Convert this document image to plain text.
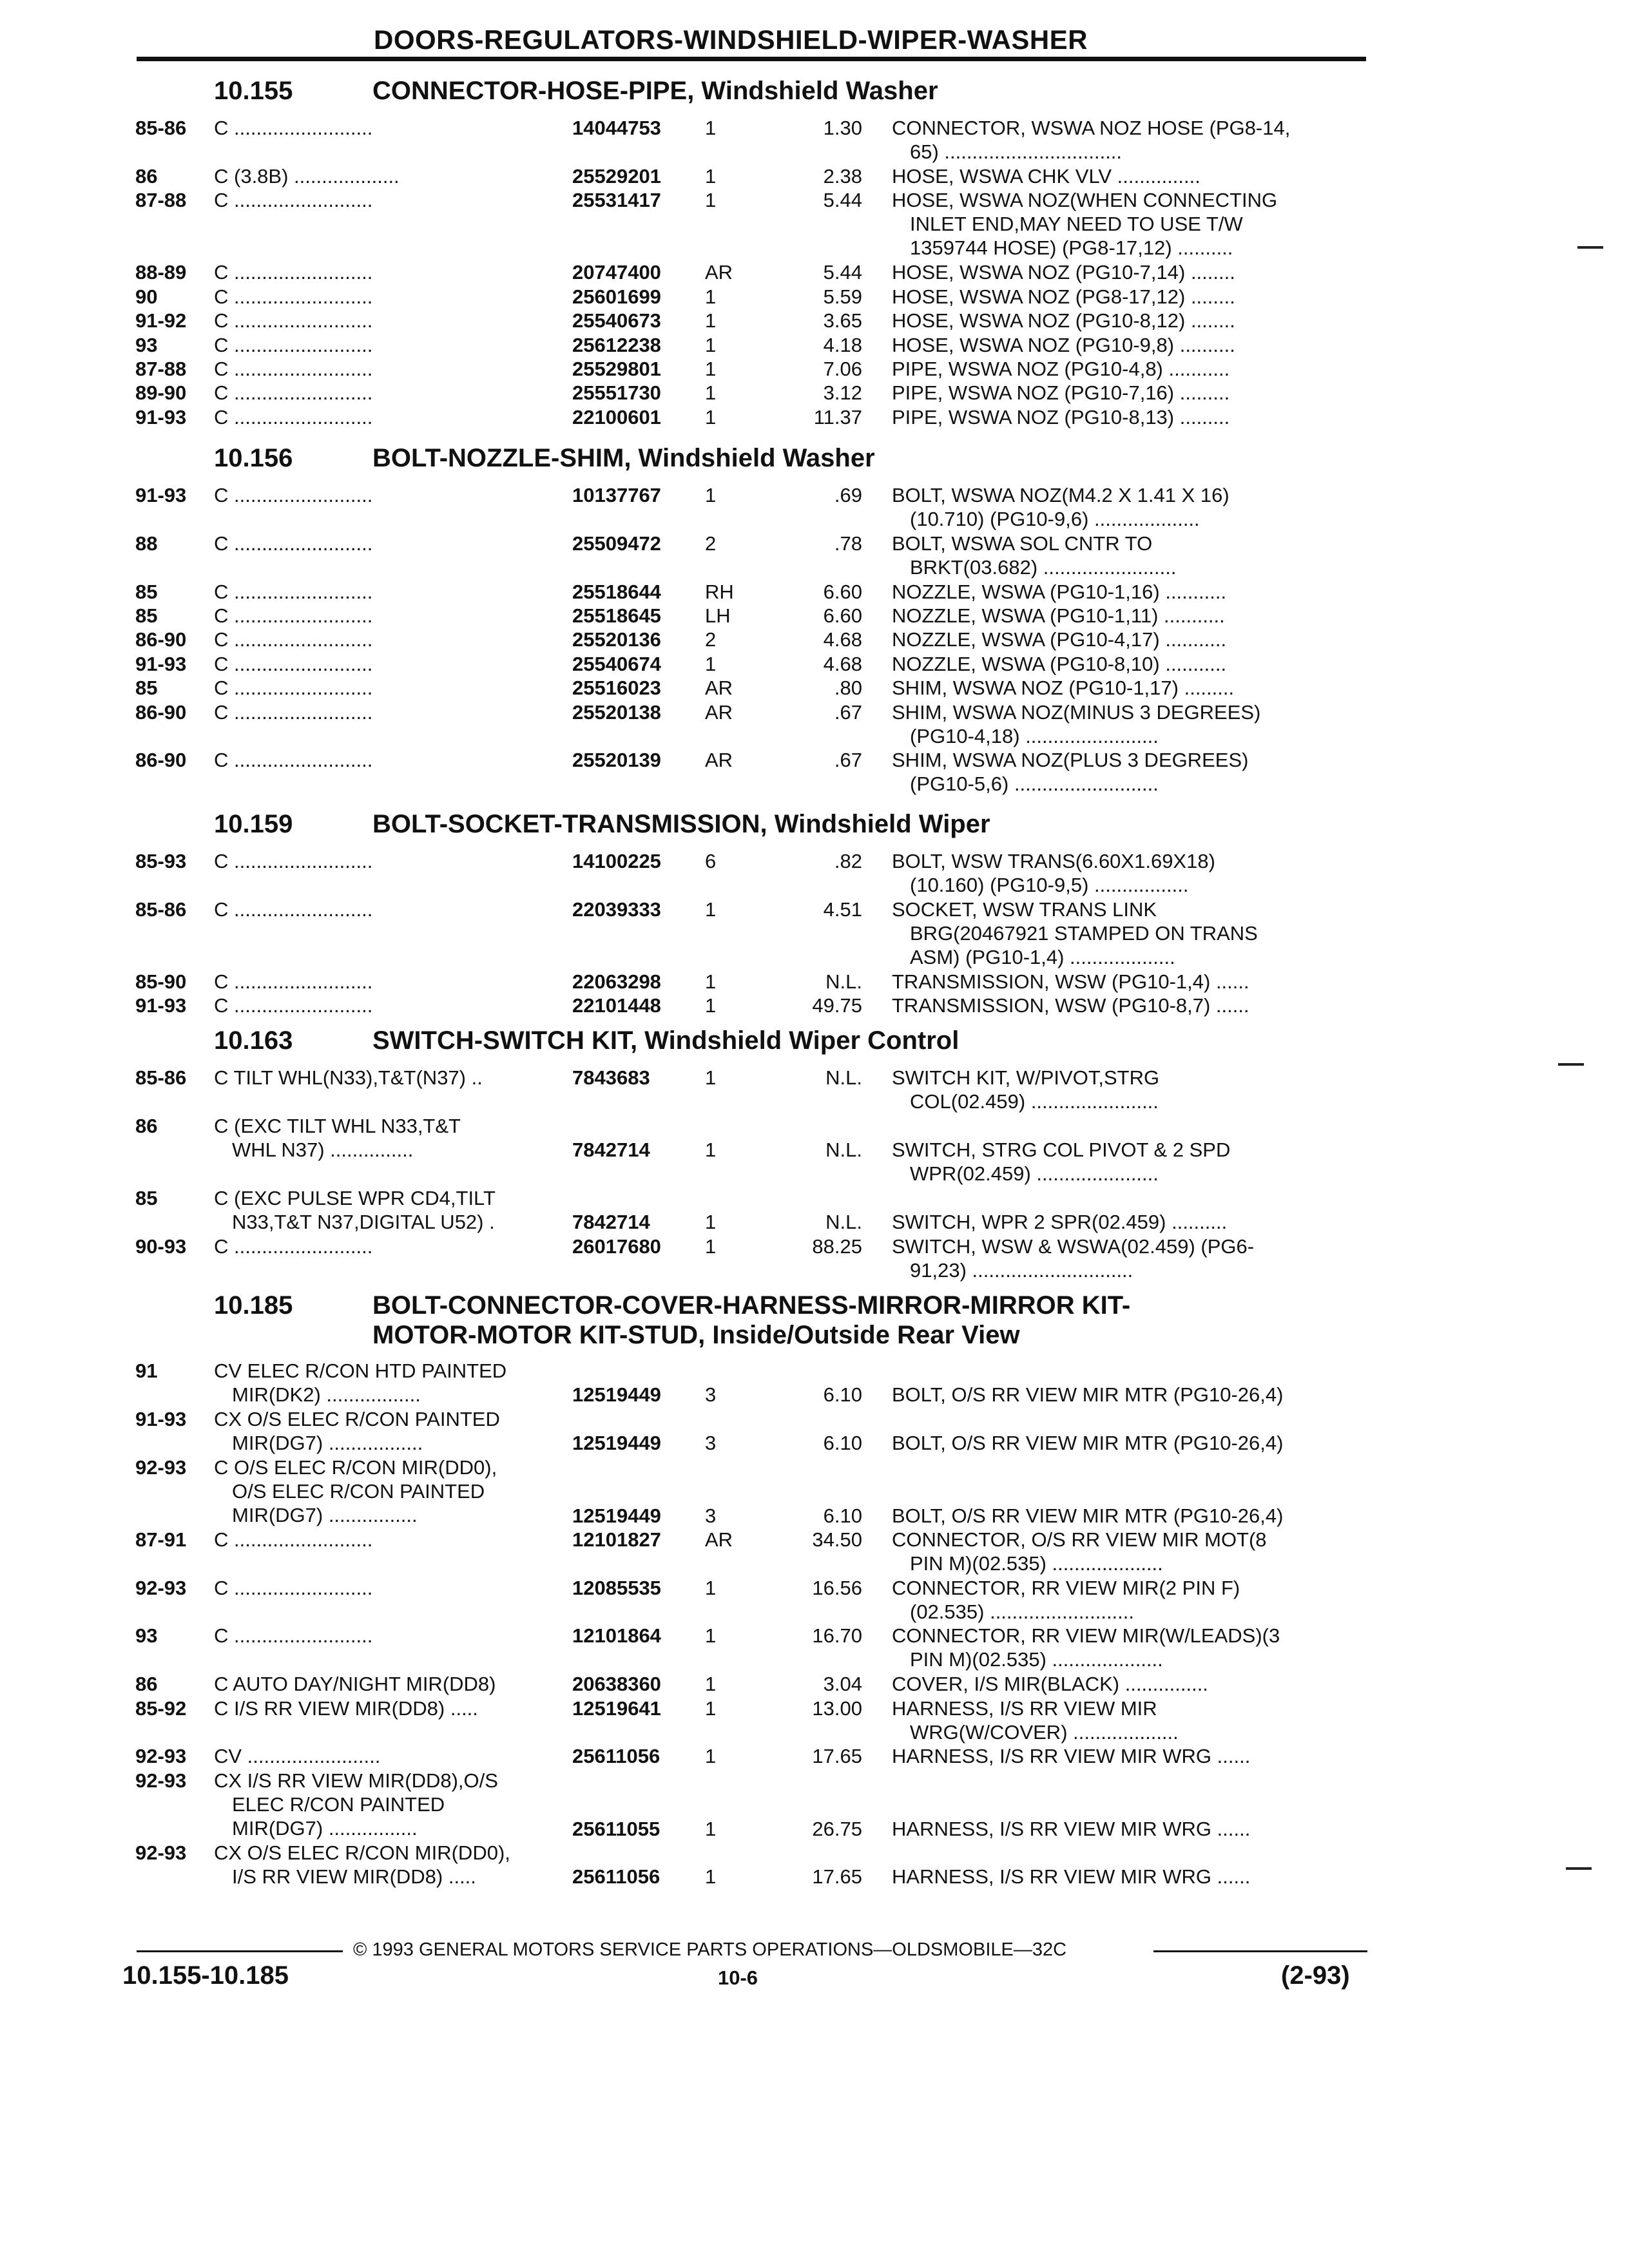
DOORS-REGULATORS-WINDSHIELD-WIPER-WASHER
10.155	CONNECTOR-HOSE-PIPE, Windshield Washer
85-86 C .........................	14044753	1	1.30 CONNECTOR, WSWA NOZ HOSE (PG8-14,
65) ................................
86	C (3.8B) ...................	25529201	1	2.38 HOSE, WSWA CHK VLV ...............
87-88 C .........................	25531417	1	5.44 HOSE, WSWA NOZ(WHEN CONNECTING
INLET END,MAY NEED TO USE T/W
1359744 HOSE) (PG8-17,12) ..........
88-89 C .........................	20747400	AR	5.44 HOSE, WSWA NOZ (PG10-7,14) ........
90	C .........................	25601699	1	5.59 HOSE, WSWA NOZ (PG8-17,12) ........
91-92 C .........................	25540673	1	3.65 HOSE, WSWA NOZ (PG10-8,12) ........
93	C .........................	25612238	1	4.18 HOSE, WSWA NOZ (PG10-9,8) ..........
87-88 C .........................	25529801	1	7.06 PIPE, WSWA NOZ (PG10-4,8) ...........
89-90 C .........................	25551730	1	3.12 PIPE, WSWA NOZ (PG10-7,16) .........
91-93 C .........................	22100601	1	11.37 PIPE, WSWA NOZ (PG10-8,13) .........
10.156	BOLT-NOZZLE-SHIM, Windshield Washer
91-93 C .........................	10137767	1	.69 BOLT, WSWA NOZ(M4.2 X 1.41 X 16)
(10.710) (PG10-9,6) ...................
88	C .........................	25509472	2	.78 BOLT, WSWA SOL CNTR TO
BRKT(03.682) ........................
85	C .........................	25518644	RH	6.60 NOZZLE, WSWA (PG10-1,16) ...........
85	C .........................	25518645	LH	6.60 NOZZLE, WSWA (PG10-1,11) ...........
86-90 C .........................	25520136	2	4.68 NOZZLE, WSWA (PG10-4,17) ...........
91-93 C .........................	25540674	1	4.68 NOZZLE, WSWA (PG10-8,10) ...........
85	C .........................	25516023	AR	.80 SHIM, WSWA NOZ (PG10-1,17) .........
86-90 C .........................	25520138	AR	.67 SHIM, WSWA NOZ(MINUS 3 DEGREES)
(PG10-4,18) ........................
86-90 C .........................	25520139	AR	.67 SHIM, WSWA NOZ(PLUS 3 DEGREES)
(PG10-5,6) ..........................
10.159	BOLT-SOCKET-TRANSMISSION, Windshield Wiper
85-93 C .........................	14100225	6	.82 BOLT, WSW TRANS(6.60X1.69X18)
(10.160) (PG10-9,5) .................
85-86 C .........................	22039333	1	4.51 SOCKET, WSW TRANS LINK
BRG(20467921 STAMPED ON TRANS
ASM) (PG10-1,4) ...................
85-90 C .........................	22063298	1	N.L. TRANSMISSION, WSW (PG10-1,4) ......
91-93 C .........................	22101448	1	49.75 TRANSMISSION, WSW (PG10-8,7) ......
10.163	SWITCH-SWITCH KIT, Windshield Wiper Control
85-86 C TILT WHL(N33),T&T(N37) ..	7843683	1	N.L. SWITCH KIT, W/PIVOT,STRG
COL(02.459) .......................
86	C (EXC TILT WHL N33,T&T
WHL N37) ...............	7842714	1	N.L. SWITCH, STRG COL PIVOT & 2 SPD
WPR(02.459) ......................
85	C (EXC PULSE WPR CD4,TILT
N33,T&T N37,DIGITAL U52) .	7842714	1	N.L. SWITCH, WPR 2 SPR(02.459) ..........
90-93 C .........................	26017680	1	88.25 SWITCH, WSW & WSWA(02.459) (PG6-
91,23) .............................
10.185	BOLT-CONNECTOR-COVER-HARNESS-MIRROR-MIRROR KIT-
MOTOR-MOTOR KIT-STUD, Inside/Outside Rear View
91	CV ELEC R/CON HTD PAINTED
MIR(DK2) .................	12519449	3	6.10 BOLT, O/S RR VIEW MIR MTR (PG10-26,4)
91-93 CX O/S ELEC R/CON PAINTED
MIR(DG7) .................	12519449	3	6.10 BOLT, O/S RR VIEW MIR MTR (PG10-26,4)
92-93 C O/S ELEC R/CON MIR(DD0),
O/S ELEC R/CON PAINTED
MIR(DG7) ................	12519449	3	6.10 BOLT, O/S RR VIEW MIR MTR (PG10-26,4)
87-91 C .........................	12101827	AR	34.50 CONNECTOR, O/S RR VIEW MIR MOT(8
PIN M)(02.535) ....................
92-93 C .........................	12085535	1	16.56 CONNECTOR, RR VIEW MIR(2 PIN F)
(02.535) ..........................
93	C .........................	12101864	1	16.70 CONNECTOR, RR VIEW MIR(W/LEADS)(3
PIN M)(02.535) ....................
86	C AUTO DAY/NIGHT MIR(DD8)	20638360	1	3.04 COVER, I/S MIR(BLACK) ...............
85-92 C I/S RR VIEW MIR(DD8) .....	12519641	1	13.00 HARNESS, I/S RR VIEW MIR
WRG(W/COVER) ...................
92-93 CV ........................	25611056	1	17.65 HARNESS, I/S RR VIEW MIR WRG ......
92-93 CX I/S RR VIEW MIR(DD8),O/S
ELEC R/CON PAINTED
MIR(DG7) ................	25611055	1	26.75 HARNESS, I/S RR VIEW MIR WRG ......
92-93 CX O/S ELEC R/CON MIR(DD0),
I/S RR VIEW MIR(DD8) .....	25611056	1	17.65 HARNESS, I/S RR VIEW MIR WRG ......
© 1993 GENERAL MOTORS SERVICE PARTS OPERATIONS—OLDSMOBILE—32C
10.155-10.185	10-6	(2-93)
